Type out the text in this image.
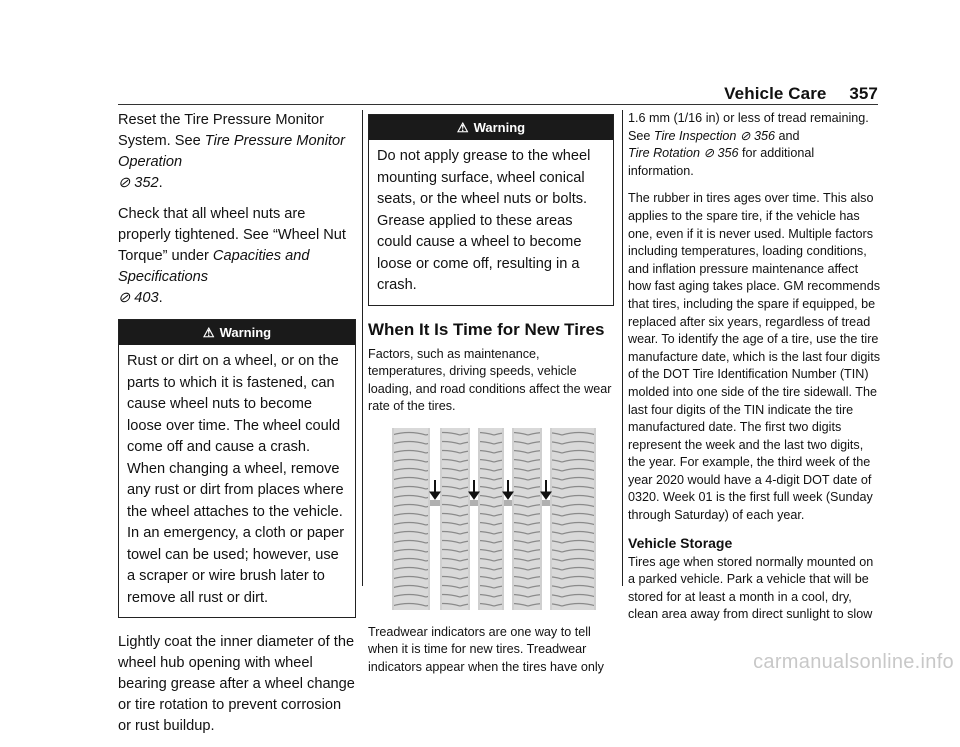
Vehicle Care 357

Reset the Tire Pressure Monitor System. See Tire Pressure Monitor Operation
⊘ 352.

Check that all wheel nuts are properly tightened. See “Wheel Nut Torque” under Capacities and Specifications
⊘ 403.

⚠ Warning
Rust or dirt on a wheel, or on the parts to which it is fastened, can cause wheel nuts to become loose over time. The wheel could come off and cause a crash. When changing a wheel, remove any rust or dirt from places where the wheel attaches to the vehicle. In an emergency, a cloth or paper towel can be used; however, use a scraper or wire brush later to remove all rust or dirt.

Lightly coat the inner diameter of the wheel hub opening with wheel bearing grease after a wheel change or tire rotation to prevent corrosion or rust buildup.

⚠ Warning
Do not apply grease to the wheel mounting surface, wheel conical seats, or the wheel nuts or bolts. Grease applied to these areas could cause a wheel to become loose or come off, resulting in a crash.
When It Is Time for New Tires

Factors, such as maintenance, temperatures, driving speeds, vehicle loading, and road conditions affect the wear rate of the tires.

Treadwear indicators are one way to tell when it is time for new tires. Treadwear indicators appear when the tires have only

1.6 mm (1/16 in) or less of tread remaining. See Tire Inspection ⊘ 356 and
Tire Rotation ⊘ 356 for additional information.

The rubber in tires ages over time. This also applies to the spare tire, if the vehicle has one, even if it is never used. Multiple factors including temperatures, loading conditions, and inflation pressure maintenance affect how fast aging takes place. GM recommends that tires, including the spare if equipped, be replaced after six years, regardless of tread wear. To identify the age of a tire, use the tire manufacture date, which is the last four digits of the DOT Tire Identification Number (TIN) molded into one side of the tire sidewall. The last four digits of the TIN indicate the tire manufactured date. The first two digits represent the week and the last two digits, the year. For example, the third week of the year 2020 would have a 4-digit DOT date of 0320. Week 01 is the first full week (Sunday through Saturday) of each year.

Vehicle Storage

Tires age when stored normally mounted on a parked vehicle. Park a vehicle that will be stored for at least a month in a cool, dry, clean area away from direct sunlight to slow

carmanualsonline.info
